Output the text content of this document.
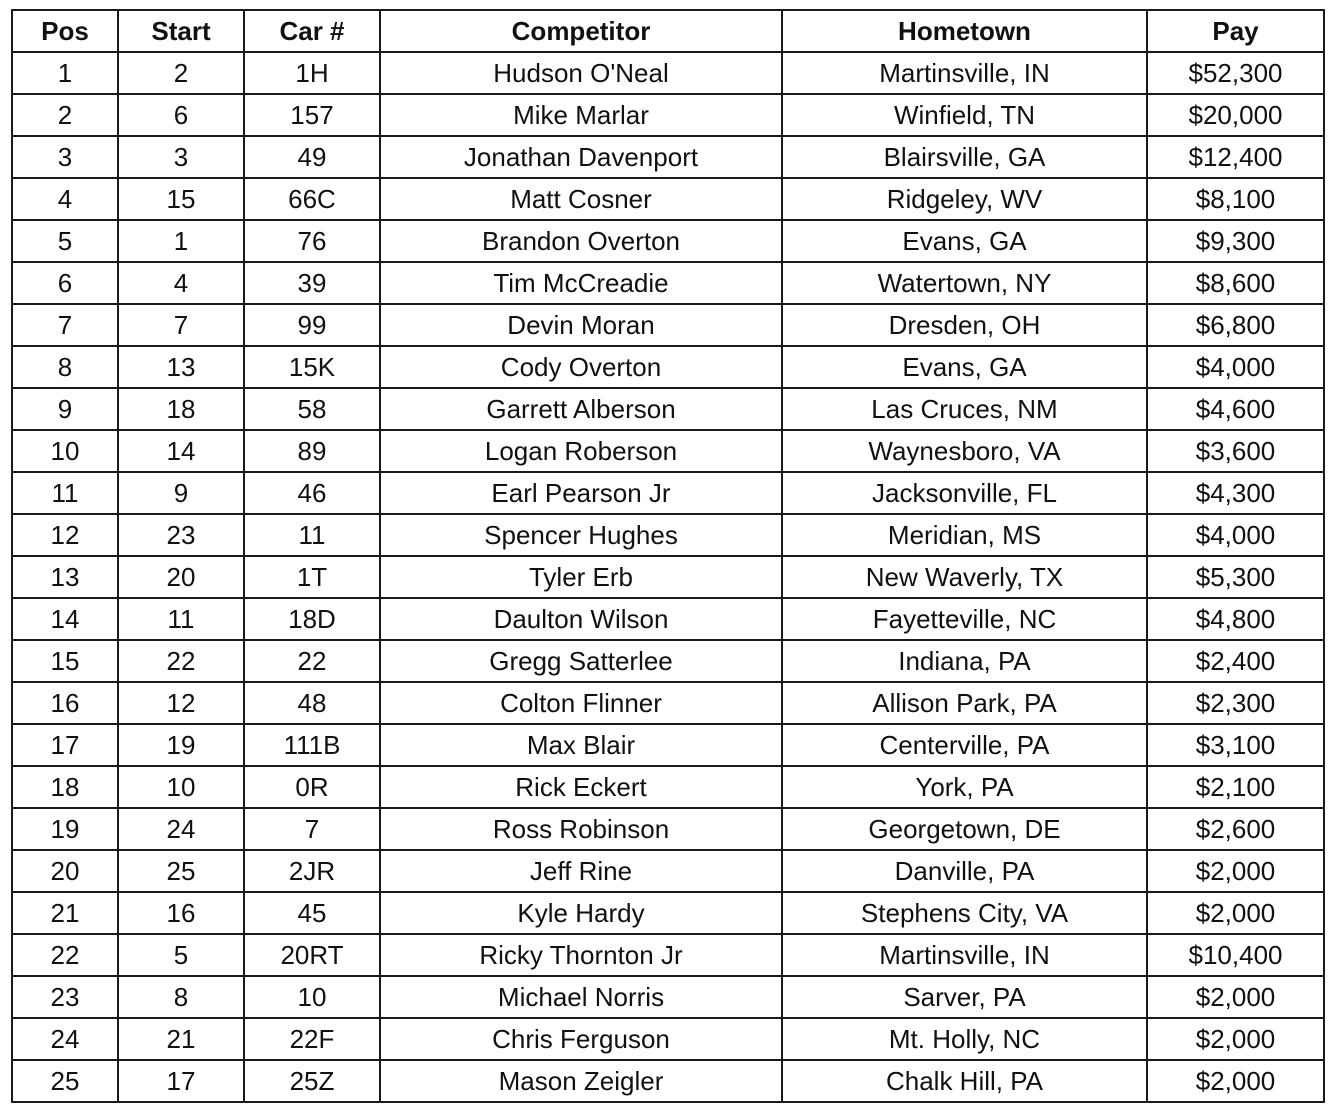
Pos	Start	Car #	Competitor	Hometown	Pay
1	2	1H	Hudson O'Neal	Martinsville, IN	$52,300
2	6	157	Mike Marlar	Winfield, TN	$20,000
3	3	49	Jonathan Davenport	Blairsville, GA	$12,400
4	15	66C	Matt Cosner	Ridgeley, WV	$8,100
5	1	76	Brandon Overton	Evans, GA	$9,300
6	4	39	Tim McCreadie	Watertown, NY	$8,600
7	7	99	Devin Moran	Dresden, OH	$6,800
8	13	15K	Cody Overton	Evans, GA	$4,000
9	18	58	Garrett Alberson	Las Cruces, NM	$4,600
10	14	89	Logan Roberson	Waynesboro, VA	$3,600
11	9	46	Earl Pearson Jr	Jacksonville, FL	$4,300
12	23	11	Spencer Hughes	Meridian, MS	$4,000
13	20	1T	Tyler Erb	New Waverly, TX	$5,300
14	11	18D	Daulton Wilson	Fayetteville, NC	$4,800
15	22	22	Gregg Satterlee	Indiana, PA	$2,400
16	12	48	Colton Flinner	Allison Park, PA	$2,300
17	19	111B	Max Blair	Centerville, PA	$3,100
18	10	0R	Rick Eckert	York, PA	$2,100
19	24	7	Ross Robinson	Georgetown, DE	$2,600
20	25	2JR	Jeff Rine	Danville, PA	$2,000
21	16	45	Kyle Hardy	Stephens City, VA	$2,000
22	5	20RT	Ricky Thornton Jr	Martinsville, IN	$10,400
23	8	10	Michael Norris	Sarver, PA	$2,000
24	21	22F	Chris Ferguson	Mt. Holly, NC	$2,000
25	17	25Z	Mason Zeigler	Chalk Hill, PA	$2,000
